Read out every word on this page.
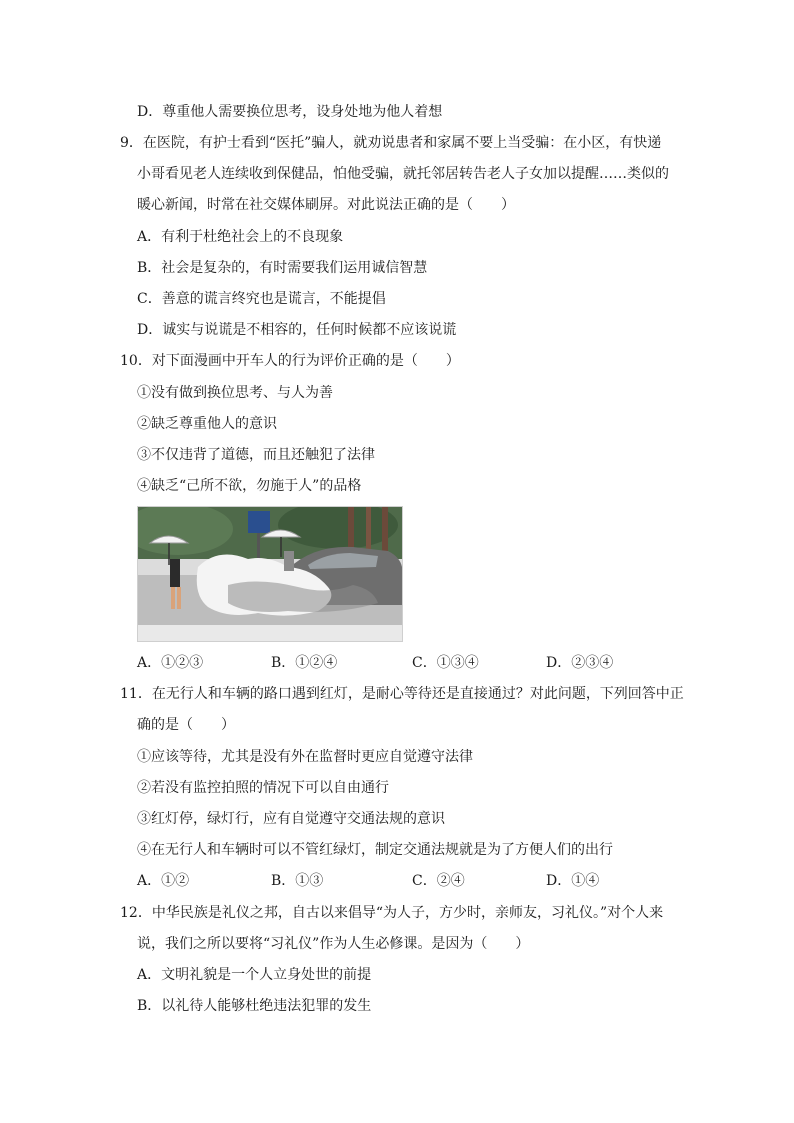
D．尊重他人需要换位思考，设身处地为他人着想
9．在医院，有护士看到“医托”骗人，就劝说患者和家属不要上当受骗：在小区，有快递
小哥看见老人连续收到保健品，怕他受骗，就托邻居转告老人子女加以提醒……类似的
暖心新闻，时常在社交媒体刷屏。对此说法正确的是（　　）
A．有利于杜绝社会上的不良现象
B．社会是复杂的，有时需要我们运用诚信智慧
C．善意的谎言终究也是谎言，不能提倡
D．诚实与说谎是不相容的，任何时候都不应该说谎
10．对下面漫画中开车人的行为评价正确的是（　　）
①没有做到换位思考、与人为善
②缺乏尊重他人的意识
③不仅违背了道德，而且还触犯了法律
④缺乏“己所不欲，勿施于人”的品格
A．①②③	B．①②④	C．①③④	D．②③④
11．在无行人和车辆的路口遇到红灯，是耐心等待还是直接通过？对此问题，下列回答中正
确的是（　　）
①应该等待，尤其是没有外在监督时更应自觉遵守法律
②若没有监控拍照的情况下可以自由通行
③红灯停，绿灯行，应有自觉遵守交通法规的意识
④在无行人和车辆时可以不管红绿灯，制定交通法规就是为了方便人们的出行
A．①②	B．①③	C．②④	D．①④
12．中华民族是礼仪之邦，自古以来倡导“为人子，方少时，亲师友，习礼仪。”对个人来
说，我们之所以要将“习礼仪”作为人生必修课。是因为（　　）
A．文明礼貌是一个人立身处世的前提
B．以礼待人能够杜绝违法犯罪的发生
